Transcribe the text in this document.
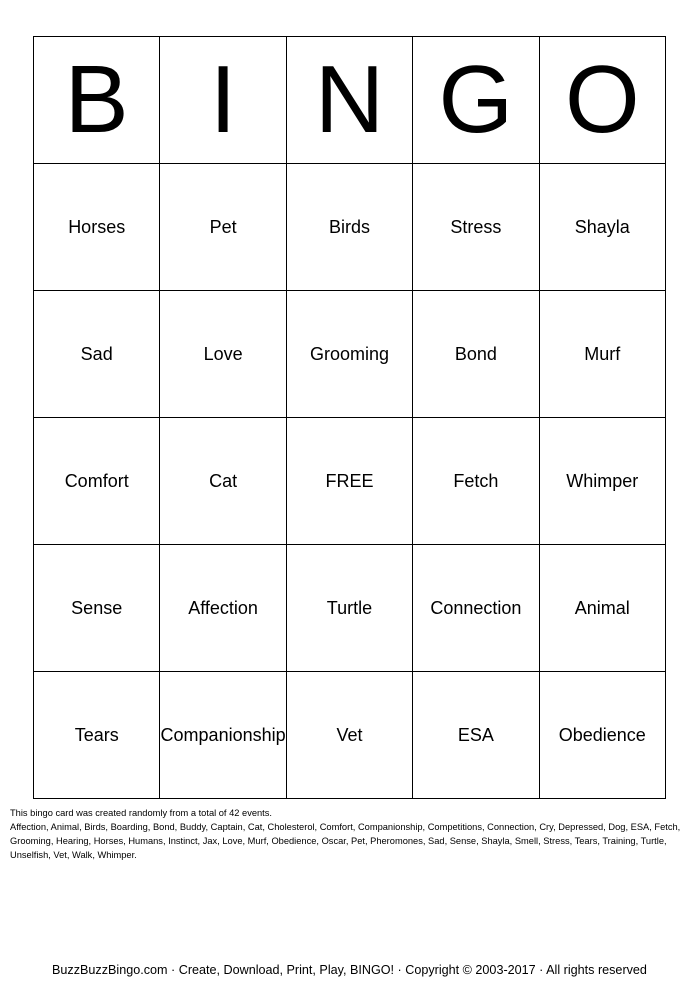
B	I	N	G	O
Horses	Pet	Birds	Stress	Shayla
Sad	Love	Grooming	Bond	Murf
Comfort	Cat	FREE	Fetch	Whimper
Sense	Affection	Turtle	Connection	Animal
Tears	Companionship	Vet	ESA	Obedience

This bingo card was created randomly from a total of 42 events.

Affection, Animal, Birds, Boarding, Bond, Buddy, Captain, Cat, Cholesterol, Comfort, Companionship, Competitions, Connection, Cry, Depressed, Dog, ESA, Fetch, Grooming, Hearing, Horses, Humans, Instinct, Jax, Love, Murf, Obedience, Oscar, Pet, Pheromones, Sad, Sense, Shayla, Smell, Stress, Tears, Training, Turtle, Unselfish, Vet, Walk, Whimper.

BuzzBuzzBingo.com · Create, Download, Print, Play, BINGO! · Copyright © 2003-2017 · All rights reserved
